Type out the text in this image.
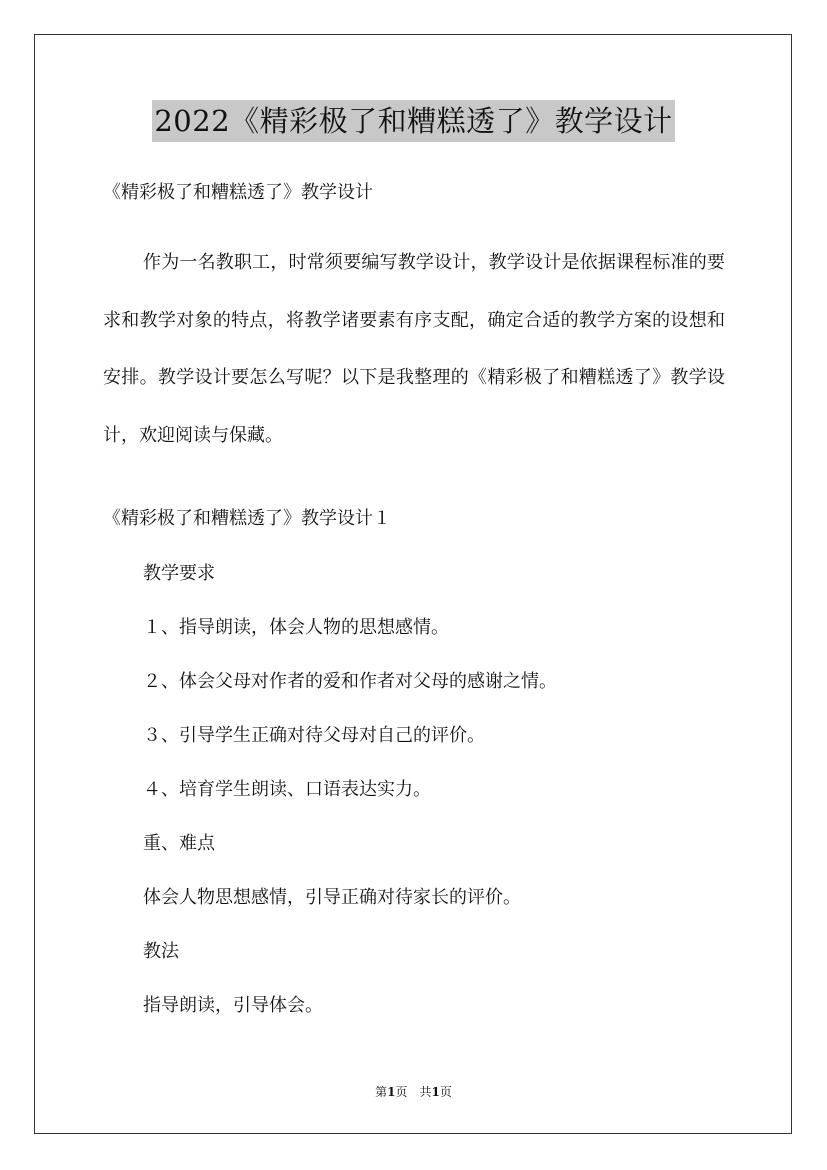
2022《精彩极了和糟糕透了》教学设计
《精彩极了和糟糕透了》教学设计
作为一名教职工，时常须要编写教学设计，教学设计是依据课程标准的要求和教学对象的特点，将教学诸要素有序支配，确定合适的教学方案的设想和安排。教学设计要怎么写呢？以下是我整理的《精彩极了和糟糕透了》教学设计，欢迎阅读与保藏。
《精彩极了和糟糕透了》教学设计１
教学要求
１、指导朗读，体会人物的思想感情。
２、体会父母对作者的爱和作者对父母的感谢之情。
３、引导学生正确对待父母对自己的评价。
４、培育学生朗读、口语表达实力。
重、难点
体会人物思想感情，引导正确对待家长的评价。
教法
指导朗读，引导体会。
第1页　共1页
